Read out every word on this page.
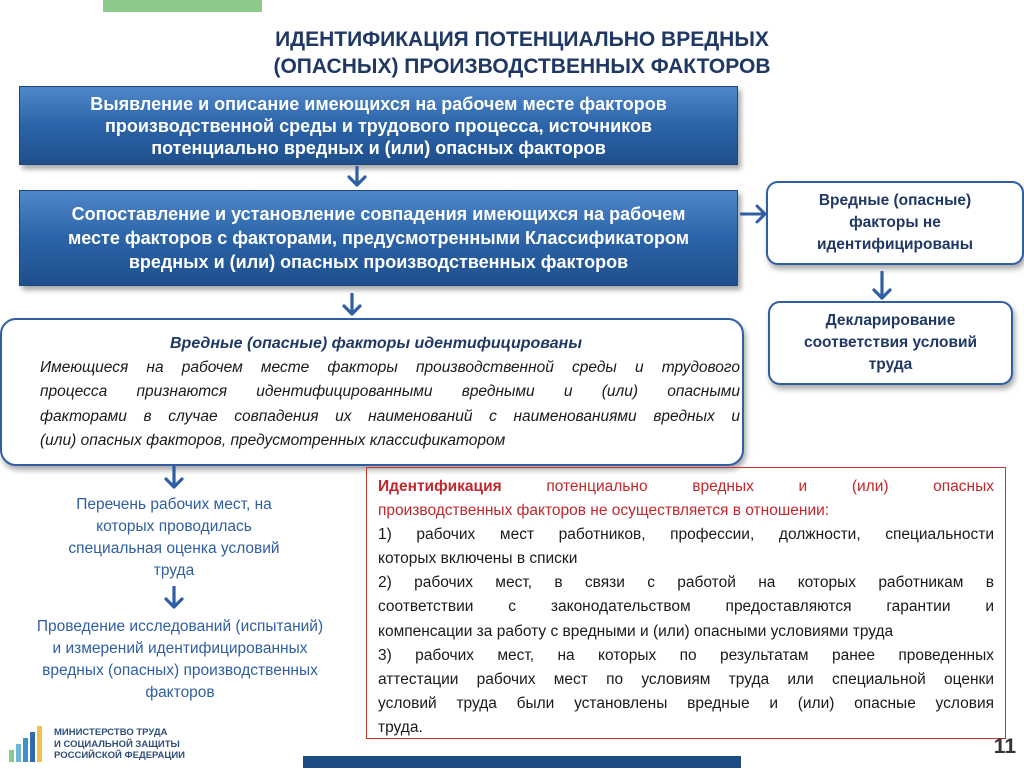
ИДЕНТИФИКАЦИЯ ПОТЕНЦИАЛЬНО ВРЕДНЫХ
(ОПАСНЫХ) ПРОИЗВОДСТВЕННЫХ ФАКТОРОВ
Выявление и описание имеющихся на рабочем месте факторов
производственной среды и трудового процесса, источников
потенциально вредных и (или) опасных факторов
Сопоставление и установление совпадения имеющихся на рабочем
месте факторов с факторами, предусмотренными Классификатором
вредных и (или) опасных производственных факторов
Вредные (опасные)
факторы не
идентифицированы
Декларирование
соответствия условий
труда
Вредные (опасные) факторы идентифицированы
Имеющиеся на рабочем месте факторы производственной среды и трудового
процесса признаются идентифицированными вредными и (или) опасными
факторами в случае совпадения их наименований с наименованиями вредных и
(или) опасных факторов, предусмотренных классификатором
Перечень рабочих мест, на
которых проводилась
специальная оценка условий
труда
Проведение исследований (испытаний)
и измерений идентифицированных
вредных (опасных) производственных
факторов
Идентификация	потенциально вредных и (или) опасных
производственных факторов не осуществляется в отношении:
1) рабочих мест работников, профессии, должности, специальности
которых включены в списки
2) рабочих мест, в связи с работой на которых работникам в
соответствии с законодательством предоставляются гарантии и
компенсации за работу с вредными и (или) опасными условиями труда
3) рабочих мест, на которых по результатам ранее проведенных
аттестации рабочих мест по условиям труда или специальной оценки
условий труда были установлены вредные и (или) опасные условия
труда.
МИНИСТЕРСТВО ТРУДА
И СОЦИАЛЬНОЙ ЗАЩИТЫ
РОССИЙСКОЙ ФЕДЕРАЦИИ	11
